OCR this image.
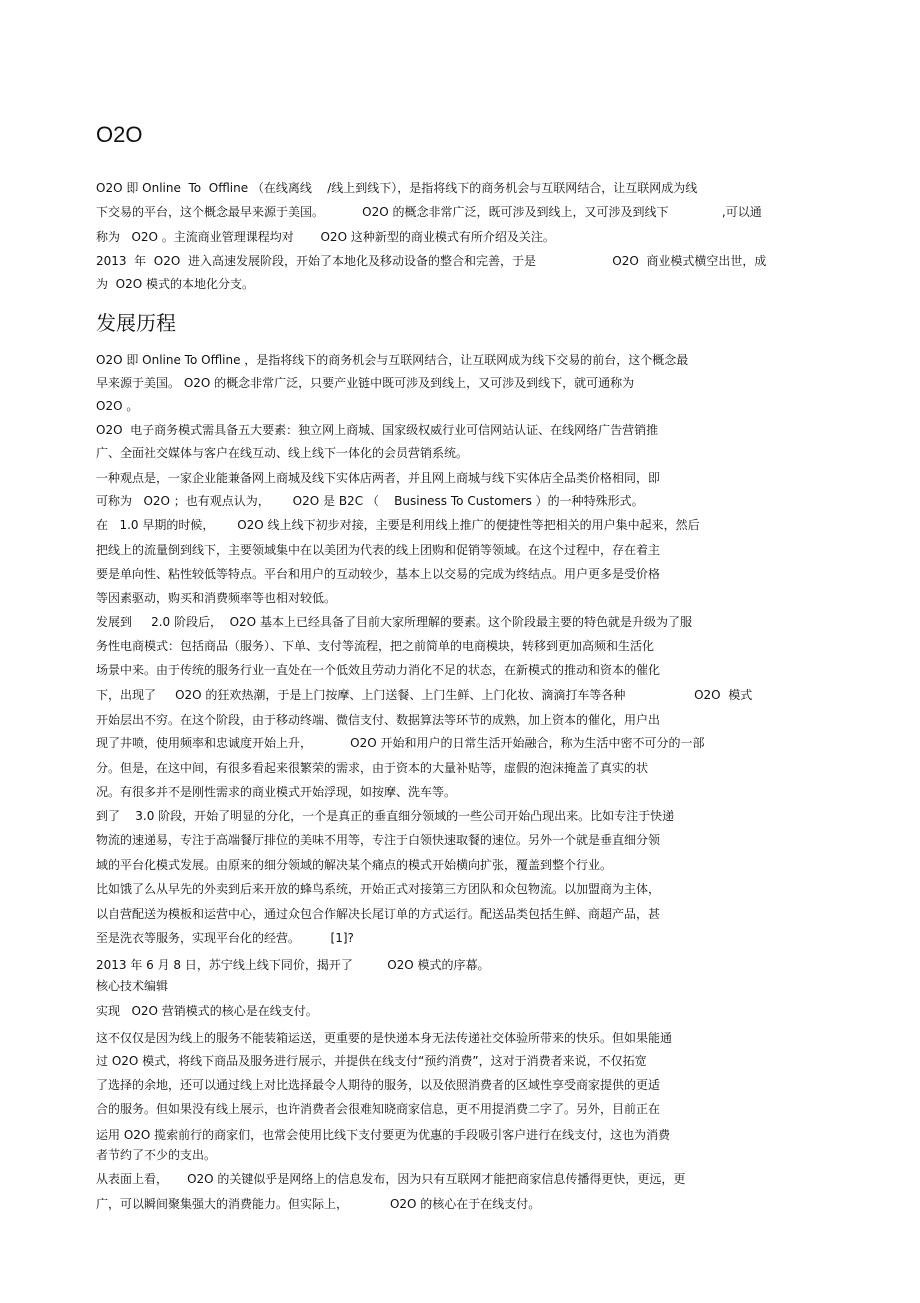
O2O
O2O 即 Online  To  Offline （在线离线    /线上到线下），是指将线下的商务机会与互联网结合，让互联网成为线
下交易的平台，这个概念最早来源于美国。          O2O 的概念非常广泛，既可涉及到线上，又可涉及到线下              ,可以通
称为   O2O 。主流商业管理课程均对       O2O 这种新型的商业模式有所介绍及关注。
2013  年  O2O  进入高速发展阶段，开始了本地化及移动设备的整合和完善，于是                    O2O  商业模式横空出世，成
为  O2O 模式的本地化分支。
发展历程
O2O 即 Online To Offline ，是指将线下的商务机会与互联网结合，让互联网成为线下交易的前台，这个概念最
早来源于美国。 O2O 的概念非常广泛，只要产业链中既可涉及到线上，又可涉及到线下，就可通称为
O2O 。
O2O  电子商务模式需具备五大要素：独立网上商城、国家级权威行业可信网站认证、在线网络广告营销推
广、全面社交媒体与客户在线互动、线上线下一体化的会员营销系统。
一种观点是，一家企业能兼备网上商城及线下实体店两者，并且网上商城与线下实体店全品类价格相同，即
可称为   O2O ；也有观点认为，      O2O 是 B2C （    Business To Customers ）的一种特殊形式。
在   1.0 早期的时候，      O2O 线上线下初步对接，主要是利用线上推广的便捷性等把相关的用户集中起来，然后
把线上的流量倒到线下，主要领域集中在以美团为代表的线上团购和促销等领域。在这个过程中，存在着主
要是单向性、粘性较低等特点。平台和用户的互动较少，基本上以交易的完成为终结点。用户更多是受价格
等因素驱动，购买和消费频率等也相对较低。
发展到     2.0 阶段后，  O2O 基本上已经具备了目前大家所理解的要素。这个阶段最主要的特色就是升级为了服
务性电商模式：包括商品（服务）、下单、支付等流程，把之前简单的电商模块，转移到更加高频和生活化
场景中来。由于传统的服务行业一直处在一个低效且劳动力消化不足的状态，在新模式的推动和资本的催化
下，出现了     O2O 的狂欢热潮，于是上门按摩、上门送餐、上门生鲜、上门化妆、滴滴打车等各种                  O2O  模式
开始层出不穷。在这个阶段，由于移动终端、微信支付、数据算法等环节的成熟，加上资本的催化，用户出
现了井喷，使用频率和忠诚度开始上升，          O2O 开始和用户的日常生活开始融合，称为生活中密不可分的一部
分。但是，在这中间，有很多看起来很繁荣的需求，由于资本的大量补贴等，虚假的泡沫掩盖了真实的状
况。有很多并不是刚性需求的商业模式开始浮现，如按摩、洗车等。
到了    3.0 阶段，开始了明显的分化，一个是真正的垂直细分领域的一些公司开始凸现出来。比如专注于快递
物流的速递易，专注于高端餐厅排位的美味不用等，专注于白领快速取餐的速位。另外一个就是垂直细分领
域的平台化模式发展。由原来的细分领域的解决某个痛点的模式开始横向扩张，覆盖到整个行业。
比如饿了么从早先的外卖到后来开放的蜂鸟系统，开始正式对接第三方团队和众包物流。以加盟商为主体，
以自营配送为模板和运营中心，通过众包合作解决长尾订单的方式运行。配送品类包括生鲜、商超产品，甚
至是洗衣等服务，实现平台化的经营。        [1]?
2013 年 6 月 8 日，苏宁线上线下同价，揭开了         O2O 模式的序幕。
核心技术编辑
实现   O2O 营销模式的核心是在线支付。
这不仅仅是因为线上的服务不能装箱运送，更重要的是快递本身无法传递社交体验所带来的快乐。但如果能通
过 O2O 模式，将线下商品及服务进行展示，并提供在线支付“预约消费”，这对于消费者来说，不仅拓宽
了选择的余地，还可以通过线上对比选择最令人期待的服务，以及依照消费者的区域性享受商家提供的更适
合的服务。但如果没有线上展示，也许消费者会很难知晓商家信息，更不用提消费二字了。另外，目前正在
运用 O2O 揽索前行的商家们，也常会使用比线下支付要更为优惠的手段吸引客户进行在线支付，这也为消费
者节约了不少的支出。
从表面上看，     O2O 的关键似乎是网络上的信息发布，因为只有互联网才能把商家信息传播得更快，更远，更
广，可以瞬间聚集强大的消费能力。但实际上，           O2O 的核心在于在线支付。
